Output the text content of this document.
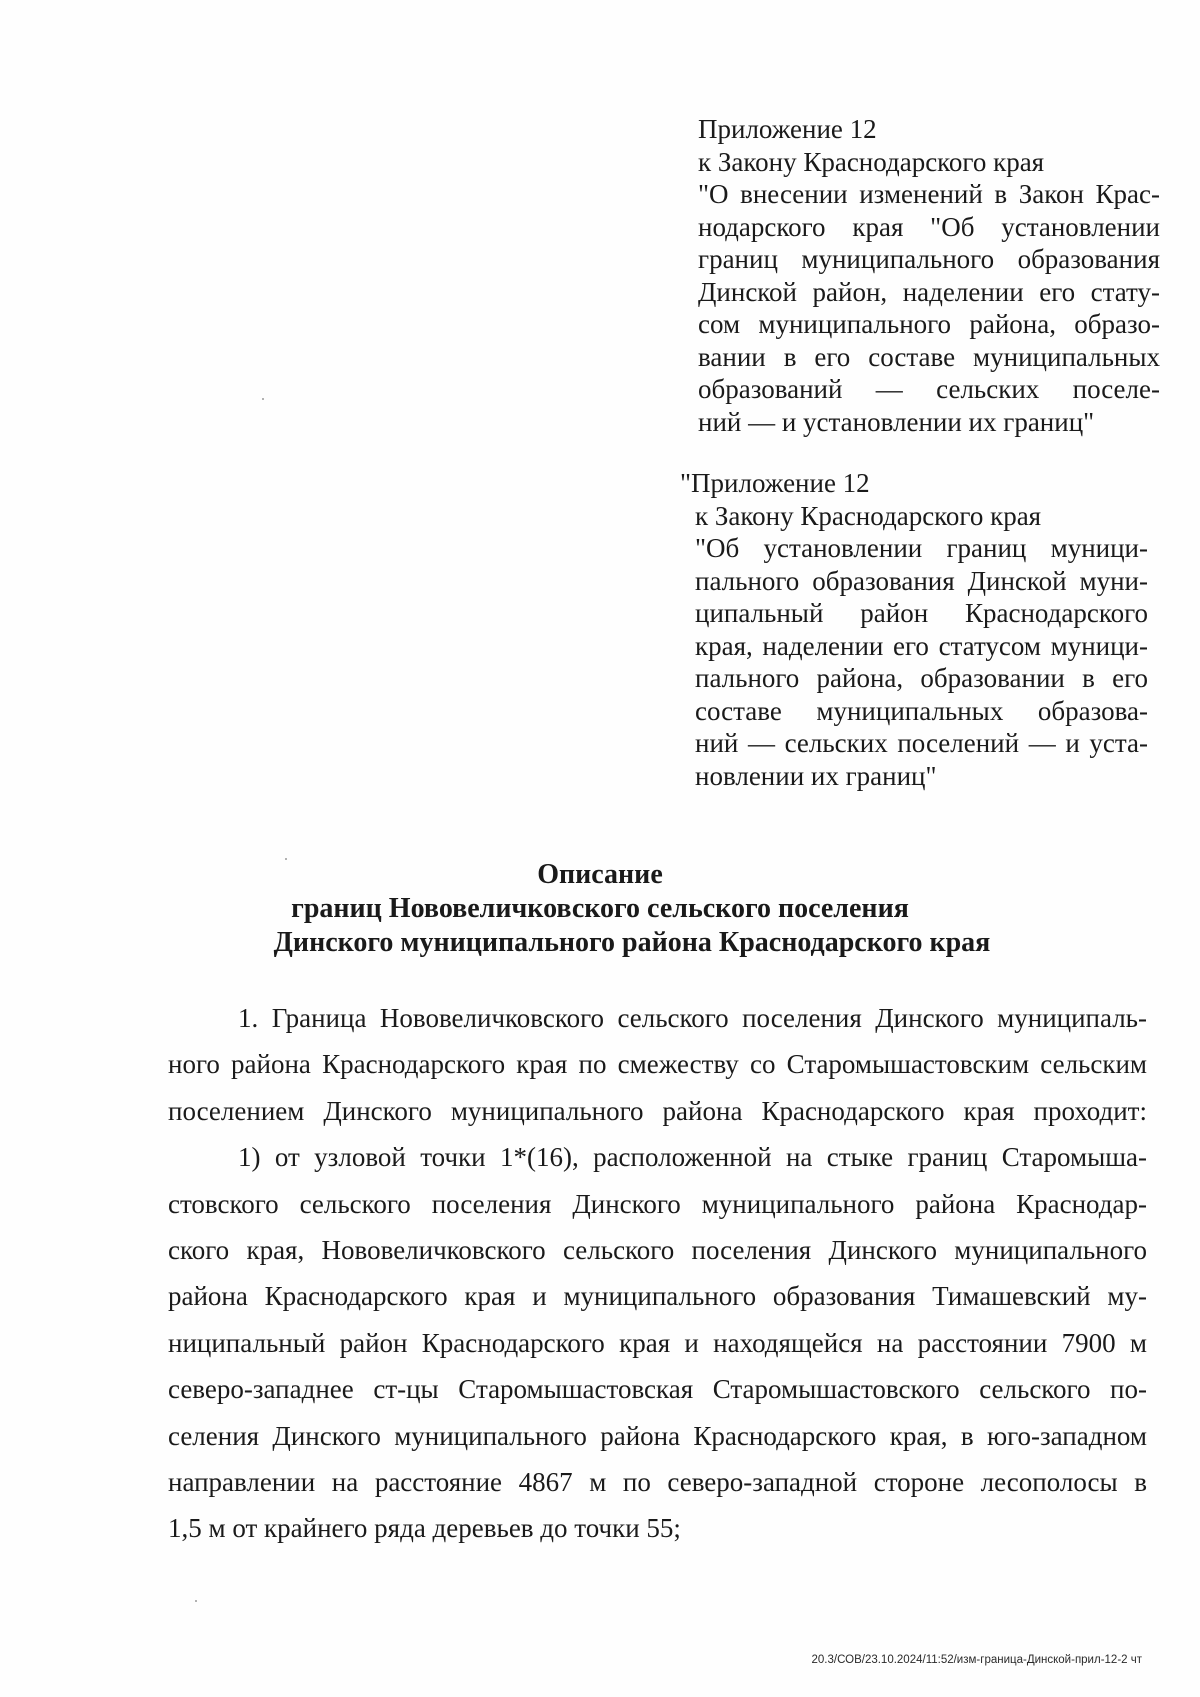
Приложение 12
к Закону Краснодарского края
"О внесении изменений в Закон Крас-
нодарского края "Об установлении
границ муниципального образования
Динской район, наделении его стату-
сом муниципального района, образо-
вании в его составе муниципальных
образований — сельских поселе-
ний — и установлении их границ"
"Приложение 12
к Закону Краснодарского края
"Об установлении границ муници-
пального образования Динской муни-
ципальный район Краснодарского
края, наделении его статусом муници-
пального района, образовании в его
составе муниципальных образова-
ний — сельских поселений — и уста-
новлении их границ"
Описание
границ Нововеличковского сельского поселения
Динского муниципального района Краснодарского края
1. Граница Нововеличковского сельского поселения Динского муниципаль-
ного района Краснодарского края по смежеству со Старомышастовским сельским
поселением Динского муниципального района Краснодарского края проходит:
1) от узловой точки 1*(16), расположенной на стыке границ Старомыша-
стовского сельского поселения Динского муниципального района Краснодар-
ского края, Нововеличковского сельского поселения Динского муниципального
района Краснодарского края и муниципального образования Тимашевский му-
ниципальный район Краснодарского края и находящейся на расстоянии 7900 м
северо-западнее ст-цы Старомышастовская Старомышастовского сельского по-
селения Динского муниципального района Краснодарского края, в юго-западном
направлении на расстояние 4867 м по северо-западной стороне лесополосы в
1,5 м от крайнего ряда деревьев до точки 55;
20.3/СОВ/23.10.2024/11:52/изм-граница-Динской-прил-12-2 чт
